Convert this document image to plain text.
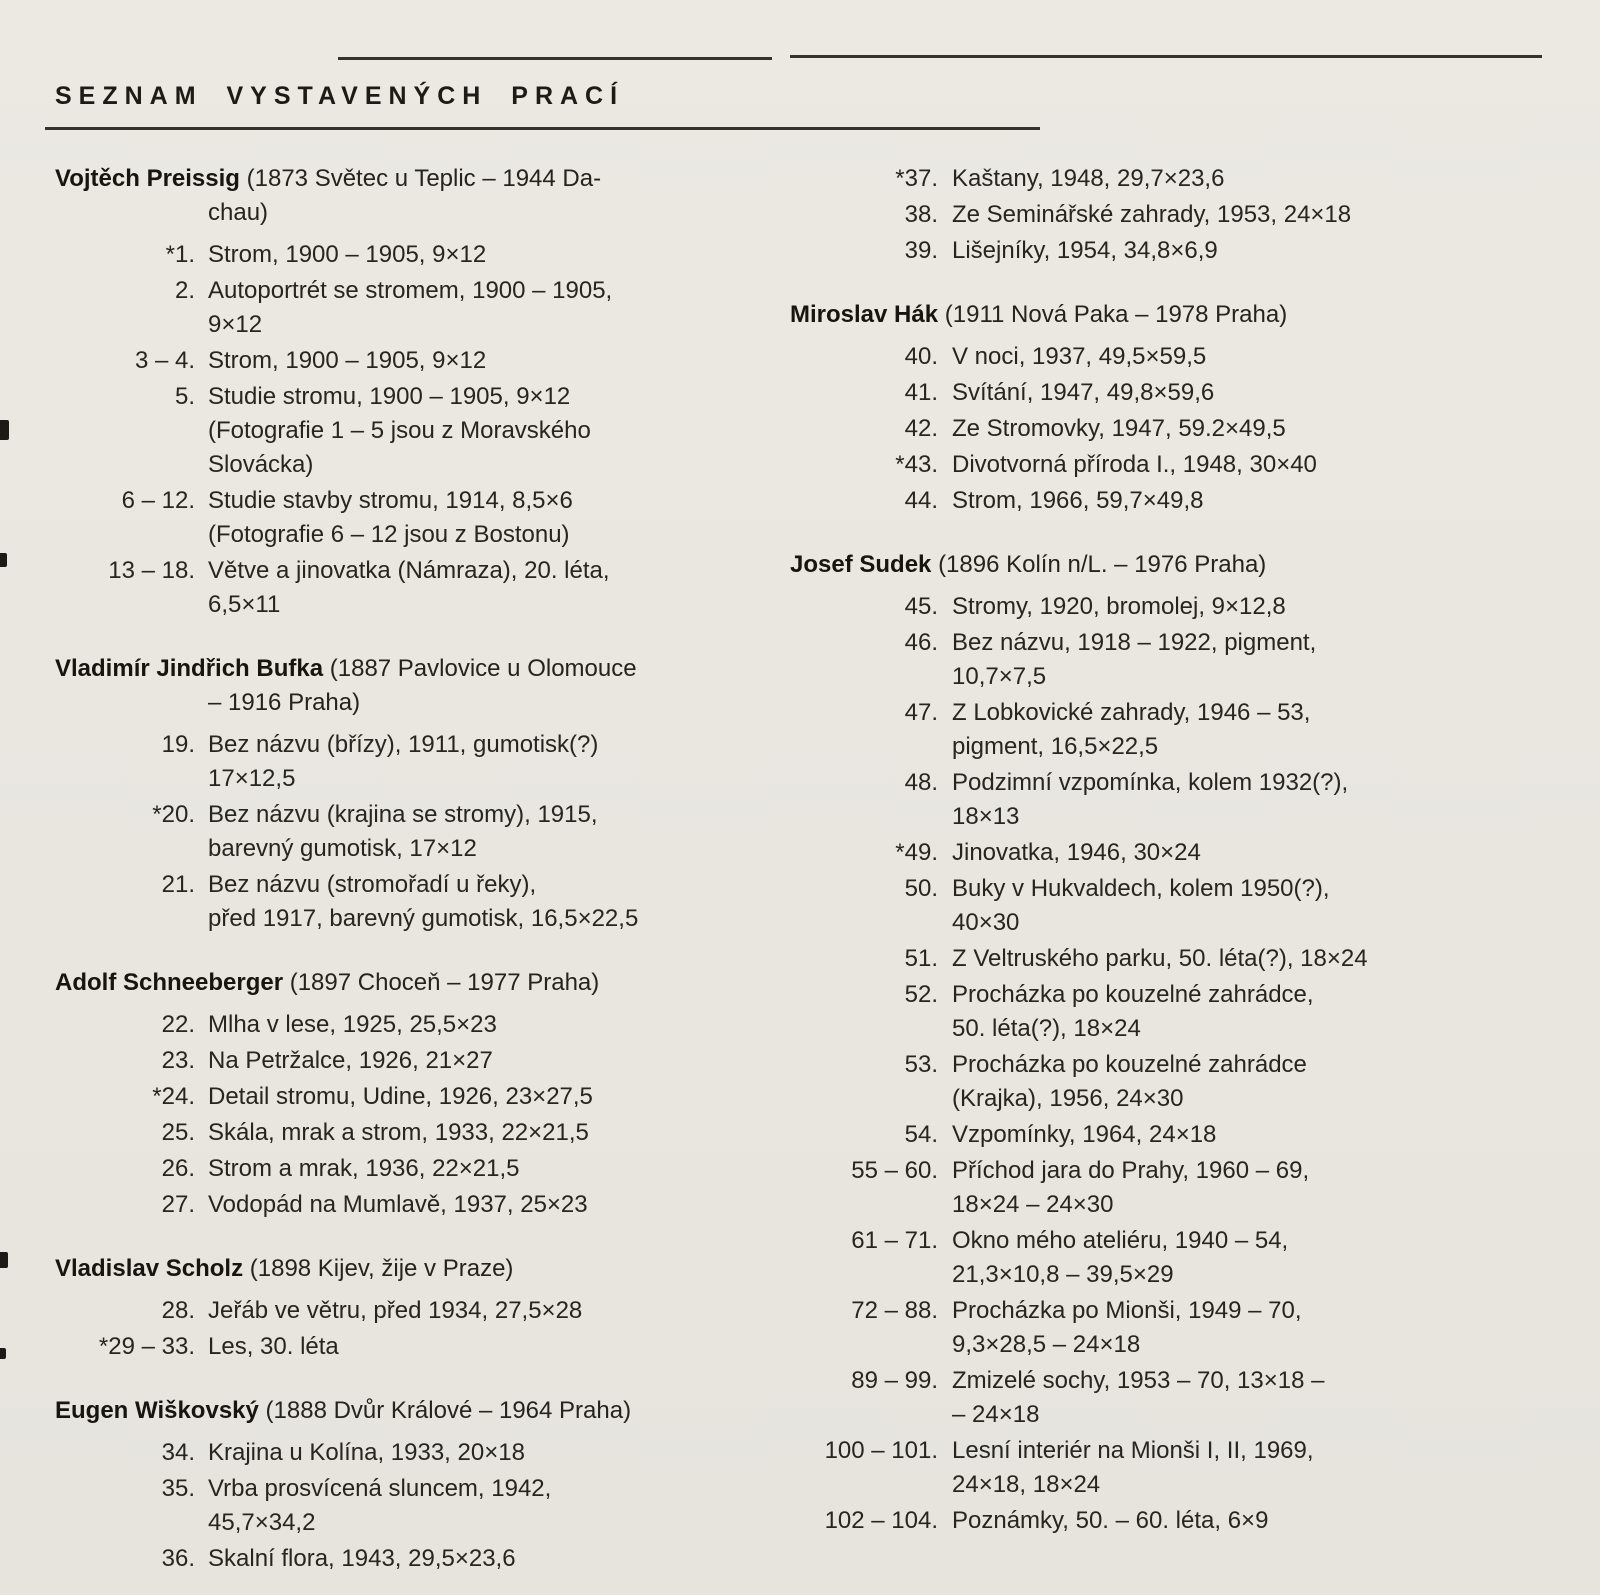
SEZNAM VYSTAVENÝCH PRACÍ
Vojtěch Preissig (1873 Světec u Teplic – 1944 Da-
chau)
*1. Strom, 1900 – 1905, 9×12
2. Autoportrét se stromem, 1900 – 1905,
9×12
3 – 4. Strom, 1900 – 1905, 9×12
5. Studie stromu, 1900 – 1905, 9×12
(Fotografie 1 – 5 jsou z Moravského
Slovácka)
6 – 12. Studie stavby stromu, 1914, 8,5×6
(Fotografie 6 – 12 jsou z Bostonu)
13 – 18. Větve a jinovatka (Námraza), 20. léta,
6,5×11
Vladimír Jindřich Bufka (1887 Pavlovice u Olomouce
– 1916 Praha)
19. Bez názvu (břízy), 1911, gumotisk(?)
17×12,5
*20. Bez názvu (krajina se stromy), 1915,
barevný gumotisk, 17×12
21. Bez názvu (stromořadí u řeky),
před 1917, barevný gumotisk, 16,5×22,5
Adolf Schneeberger (1897 Choceň – 1977 Praha)
22. Mlha v lese, 1925, 25,5×23
23. Na Petržalce, 1926, 21×27
*24. Detail stromu, Udine, 1926, 23×27,5
25. Skála, mrak a strom, 1933, 22×21,5
26. Strom a mrak, 1936, 22×21,5
27. Vodopád na Mumlavě, 1937, 25×23
Vladislav Scholz (1898 Kijev, žije v Praze)
28. Jeřáb ve větru, před 1934, 27,5×28
*29 – 33. Les, 30. léta
Eugen Wiškovský (1888 Dvůr Králové – 1964 Praha)
34. Krajina u Kolína, 1933, 20×18
35. Vrba prosvícená sluncem, 1942,
45,7×34,2
36. Skalní flora, 1943, 29,5×23,6
*37. Kaštany, 1948, 29,7×23,6
38. Ze Seminářské zahrady, 1953, 24×18
39. Lišejníky, 1954, 34,8×6,9
Miroslav Hák (1911 Nová Paka – 1978 Praha)
40. V noci, 1937, 49,5×59,5
41. Svítání, 1947, 49,8×59,6
42. Ze Stromovky, 1947, 59.2×49,5
*43. Divotvorná příroda I., 1948, 30×40
44. Strom, 1966, 59,7×49,8
Josef Sudek (1896 Kolín n/L. – 1976 Praha)
45. Stromy, 1920, bromolej, 9×12,8
46. Bez názvu, 1918 – 1922, pigment,
10,7×7,5
47. Z Lobkovické zahrady, 1946 – 53,
pigment, 16,5×22,5
48. Podzimní vzpomínka, kolem 1932(?),
18×13
*49. Jinovatka, 1946, 30×24
50. Buky v Hukvaldech, kolem 1950(?),
40×30
51. Z Veltruského parku, 50. léta(?), 18×24
52. Procházka po kouzelné zahrádce,
50. léta(?), 18×24
53. Procházka po kouzelné zahrádce
(Krajka), 1956, 24×30
54. Vzpomínky, 1964, 24×18
55 – 60. Příchod jara do Prahy, 1960 – 69,
18×24 – 24×30
61 – 71. Okno mého ateliéru, 1940 – 54,
21,3×10,8 – 39,5×29
72 – 88. Procházka po Mionši, 1949 – 70,
9,3×28,5 – 24×18
89 – 99. Zmizelé sochy, 1953 – 70, 13×18 –
– 24×18
100 – 101. Lesní interiér na Mionši I, II, 1969,
24×18, 18×24
102 – 104. Poznámky, 50. – 60. léta, 6×9
